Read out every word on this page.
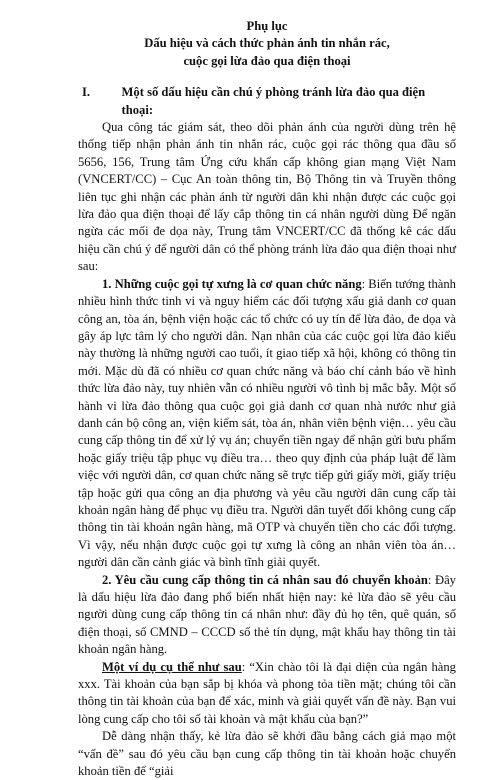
Phụ lục
Dấu hiệu và cách thức phản ánh tin nhắn rác,
cuộc gọi lừa đảo qua điện thoại
I.	Một số dấu hiệu cần chú ý phòng tránh lừa đảo qua điện thoại:

Qua công tác giám sát, theo dõi phản ánh của người dùng trên hệ thống tiếp nhận phản ánh tin nhắn rác, cuộc gọi rác thông qua đầu số 5656, 156, Trung tâm Ứng cứu khẩn cấp không gian mạng Việt Nam (VNCERT/CC) – Cục An toàn thông tin, Bộ Thông tin và Truyền thông liên tục ghi nhận các phản ánh từ người dân khi nhận được các cuộc gọi lừa đảo qua điện thoại để lấy cắp thông tin cá nhân người dùng Để ngăn ngừa các mối đe dọa này, Trung tâm VNCERT/CC đã thống kê các dấu hiệu cần chú ý để người dân có thể phòng tránh lừa đảo qua điện thoại như sau:

1. Những cuộc gọi tự xưng là cơ quan chức năng: Biến tướng thành nhiều hình thức tinh vi và nguy hiểm các đối tượng xấu giả danh cơ quan công an, tòa án, bệnh viện hoặc các tổ chức có uy tín để lừa đảo, đe dọa và gây áp lực tâm lý cho người dân. Nạn nhân của các cuộc gọi lừa đảo kiểu này thường là những người cao tuổi, ít giao tiếp xã hội, không có thông tin mới. Mặc dù đã có nhiều cơ quan chức năng và báo chí cảnh báo về hình thức lừa đảo này, tuy nhiên vẫn có nhiều người vô tình bị mắc bẫy. Một số hành vi lừa đảo thông qua cuộc gọi giả danh cơ quan nhà nước như giả danh cán bộ công an, viện kiểm sát, tòa án, nhân viên bệnh viện… yêu cầu cung cấp thông tin để xử lý vụ án; chuyển tiền ngay để nhận gửi bưu phẩm hoặc giấy triệu tập phục vụ điều tra… theo quy định của pháp luật để làm việc với người dân, cơ quan chức năng sẽ trực tiếp gửi giấy mời, giấy triệu tập hoặc gửi qua công an địa phương và yêu cầu người dân cung cấp tài khoản ngân hàng để phục vụ điều tra. Người dân tuyết đối không cung cấp thông tin tài khoản ngân hàng, mã OTP và chuyển tiền cho các đối tượng. Vì vậy, nếu nhận được cuộc gọi tự xưng là công an nhân viên tòa án… người dân cần cảnh giác và bình tĩnh giải quyết.

2. Yêu cầu cung cấp thông tin cá nhân sau đó chuyển khoản: Đây là dấu hiệu lừa đảo đang phổ biến nhất hiện nay: kẻ lừa đảo sẽ yêu cầu người dùng cung cấp thông tin cá nhân như: đầy đủ họ tên, quê quán, số điện thoại, số CMND – CCCD số thẻ tín dụng, mật khẩu hay thông tin tài khoản ngân hàng.

Một ví dụ cụ thể như sau: “Xin chào tôi là đại diện của ngân hàng xxx. Tài khoản của bạn sắp bị khóa và phong tỏa tiền mặt; chúng tôi cần thông tin tài khoản của bạn để xác, minh và giải quyết vấn đề này. Bạn vui lòng cung cấp cho tôi số tài khoản và mật khẩu của bạn?”

Dễ dàng nhận thấy, kẻ lừa đảo sẽ khởi đầu bằng cách giả mạo một “vấn đề” sau đó yêu cầu bạn cung cấp thông tin tài khoản hoặc chuyển khoản tiền để “giải
